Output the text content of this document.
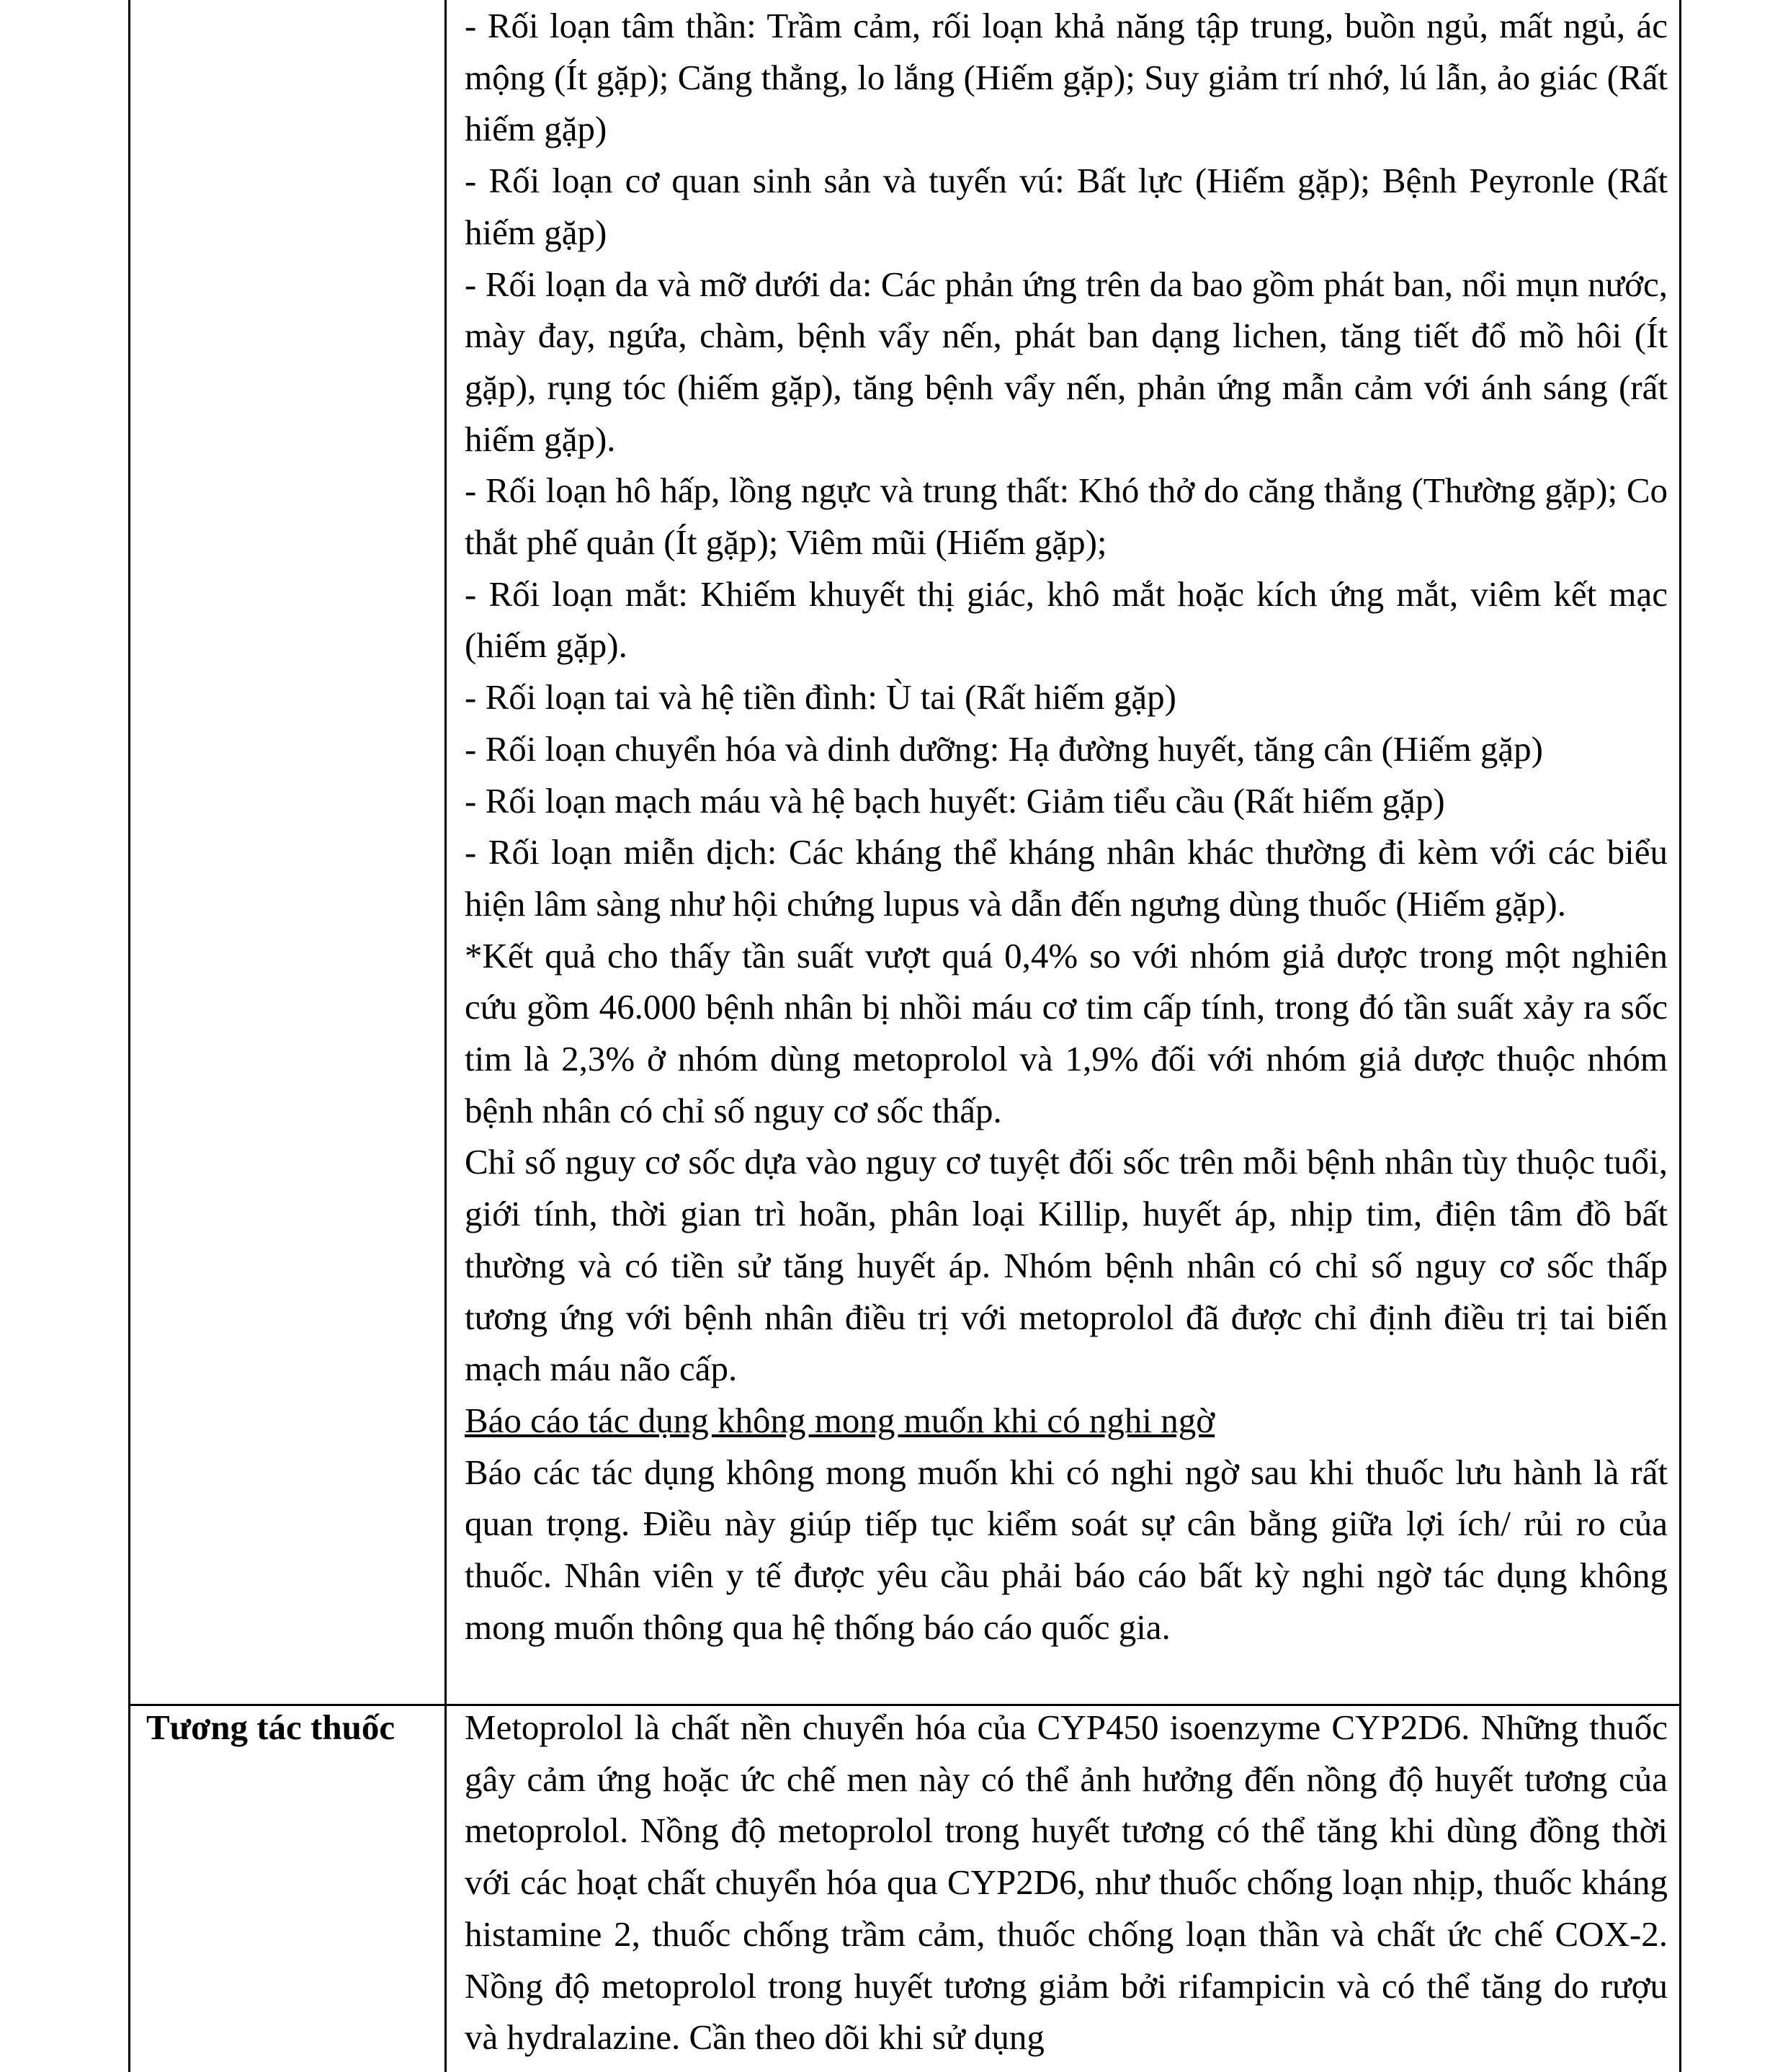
- Rối loạn tâm thần: Trầm cảm, rối loạn khả năng tập trung, buồn ngủ, mất ngủ, ác mộng (Ít gặp); Căng thẳng, lo lắng (Hiếm gặp); Suy giảm trí nhớ, lú lẫn, ảo giác (Rất hiếm gặp)

- Rối loạn cơ quan sinh sản và tuyến vú: Bất lực (Hiếm gặp); Bệnh Peyronle (Rất hiếm gặp)

- Rối loạn da và mỡ dưới da: Các phản ứng trên da bao gồm phát ban, nổi mụn nước, mày đay, ngứa, chàm, bệnh vẩy nến, phát ban dạng lichen, tăng tiết đổ mồ hôi (Ít gặp), rụng tóc (hiếm gặp), tăng bệnh vẩy nến, phản ứng mẫn cảm với ánh sáng (rất hiếm gặp).

- Rối loạn hô hấp, lồng ngực và trung thất: Khó thở do căng thẳng (Thường gặp); Co thắt phế quản (Ít gặp); Viêm mũi (Hiếm gặp);

- Rối loạn mắt: Khiếm khuyết thị giác, khô mắt hoặc kích ứng mắt, viêm kết mạc (hiếm gặp).

- Rối loạn tai và hệ tiền đình: Ù tai (Rất hiếm gặp)

- Rối loạn chuyển hóa và dinh dưỡng: Hạ đường huyết, tăng cân (Hiếm gặp)

- Rối loạn mạch máu và hệ bạch huyết: Giảm tiểu cầu (Rất hiếm gặp)

- Rối loạn miễn dịch: Các kháng thể kháng nhân khác thường đi kèm với các biểu hiện lâm sàng như hội chứng lupus và dẫn đến ngưng dùng thuốc (Hiếm gặp).

*Kết quả cho thấy tần suất vượt quá 0,4% so với nhóm giả dược trong một nghiên cứu gồm 46.000 bệnh nhân bị nhồi máu cơ tim cấp tính, trong đó tần suất xảy ra sốc tim là 2,3% ở nhóm dùng metoprolol và 1,9% đối với nhóm giả dược thuộc nhóm bệnh nhân có chỉ số nguy cơ sốc thấp.

Chỉ số nguy cơ sốc dựa vào nguy cơ tuyệt đối sốc trên mỗi bệnh nhân tùy thuộc tuổi, giới tính, thời gian trì hoãn, phân loại Killip, huyết áp, nhịp tim, điện tâm đồ bất thường và có tiền sử tăng huyết áp. Nhóm bệnh nhân có chỉ số nguy cơ sốc thấp tương ứng với bệnh nhân điều trị với metoprolol đã được chỉ định điều trị tai biến mạch máu não cấp.

Báo cáo tác dụng không mong muốn khi có nghi ngờ

Báo các tác dụng không mong muốn khi có nghi ngờ sau khi thuốc lưu hành là rất quan trọng. Điều này giúp tiếp tục kiểm soát sự cân bằng giữa lợi ích/ rủi ro của thuốc. Nhân viên y tế được yêu cầu phải báo cáo bất kỳ nghi ngờ tác dụng không mong muốn thông qua hệ thống báo cáo quốc gia.

Tương tác thuốc	Metoprolol là chất nền chuyển hóa của CYP450 isoenzyme CYP2D6. Những thuốc gây cảm ứng hoặc ức chế men này có thể ảnh hưởng đến nồng độ huyết tương của metoprolol. Nồng độ metoprolol trong huyết tương có thể tăng khi dùng đồng thời với các hoạt chất chuyển hóa qua CYP2D6, như thuốc chống loạn nhịp, thuốc kháng histamine 2, thuốc chống trầm cảm, thuốc chống loạn thần và chất ức chế COX-2. Nồng độ metoprolol trong huyết tương giảm bởi rifampicin và có thể tăng do rượu và hydralazine. Cần theo dõi khi sử dụng
